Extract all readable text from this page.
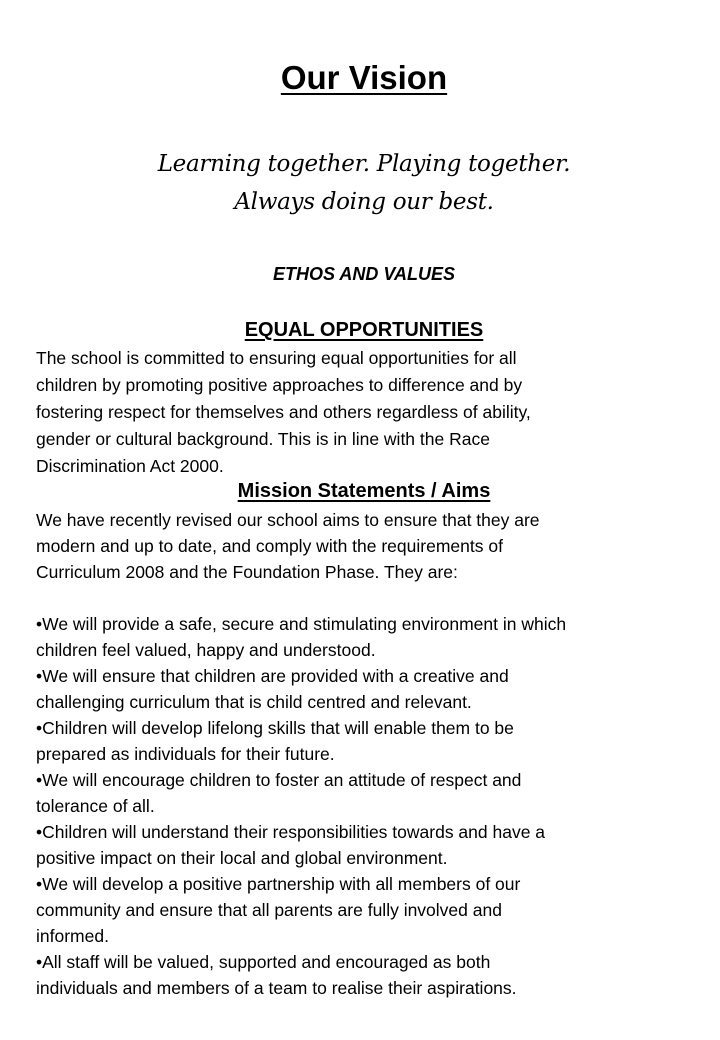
Our Vision
Learning together. Playing together.
Always doing our best.
ETHOS AND VALUES
EQUAL OPPORTUNITIES
The school is committed to ensuring equal opportunities for all
children by promoting positive approaches to difference and by
fostering respect for themselves and others regardless of ability,
gender or cultural background. This is in line with the Race
Discrimination Act 2000.
Mission Statements / Aims
We have recently revised our school aims to ensure that they are
modern and up to date, and comply with the requirements of
Curriculum 2008 and the Foundation Phase. They are:
•We will provide a safe, secure and stimulating environment in which
children feel valued, happy and understood.
•We will ensure that children are provided with a creative and
challenging curriculum that is child centred and relevant.
•Children will develop lifelong skills that will enable them to be
prepared as individuals for their future.
•We will encourage children to foster an attitude of respect and
tolerance of all.
•Children will understand their responsibilities towards and have a
positive impact on their local and global environment.
•We will develop a positive partnership with all members of our
community and ensure that all parents are fully involved and
informed.
•All staff will be valued, supported and encouraged as both
individuals and members of a team to realise their aspirations.
